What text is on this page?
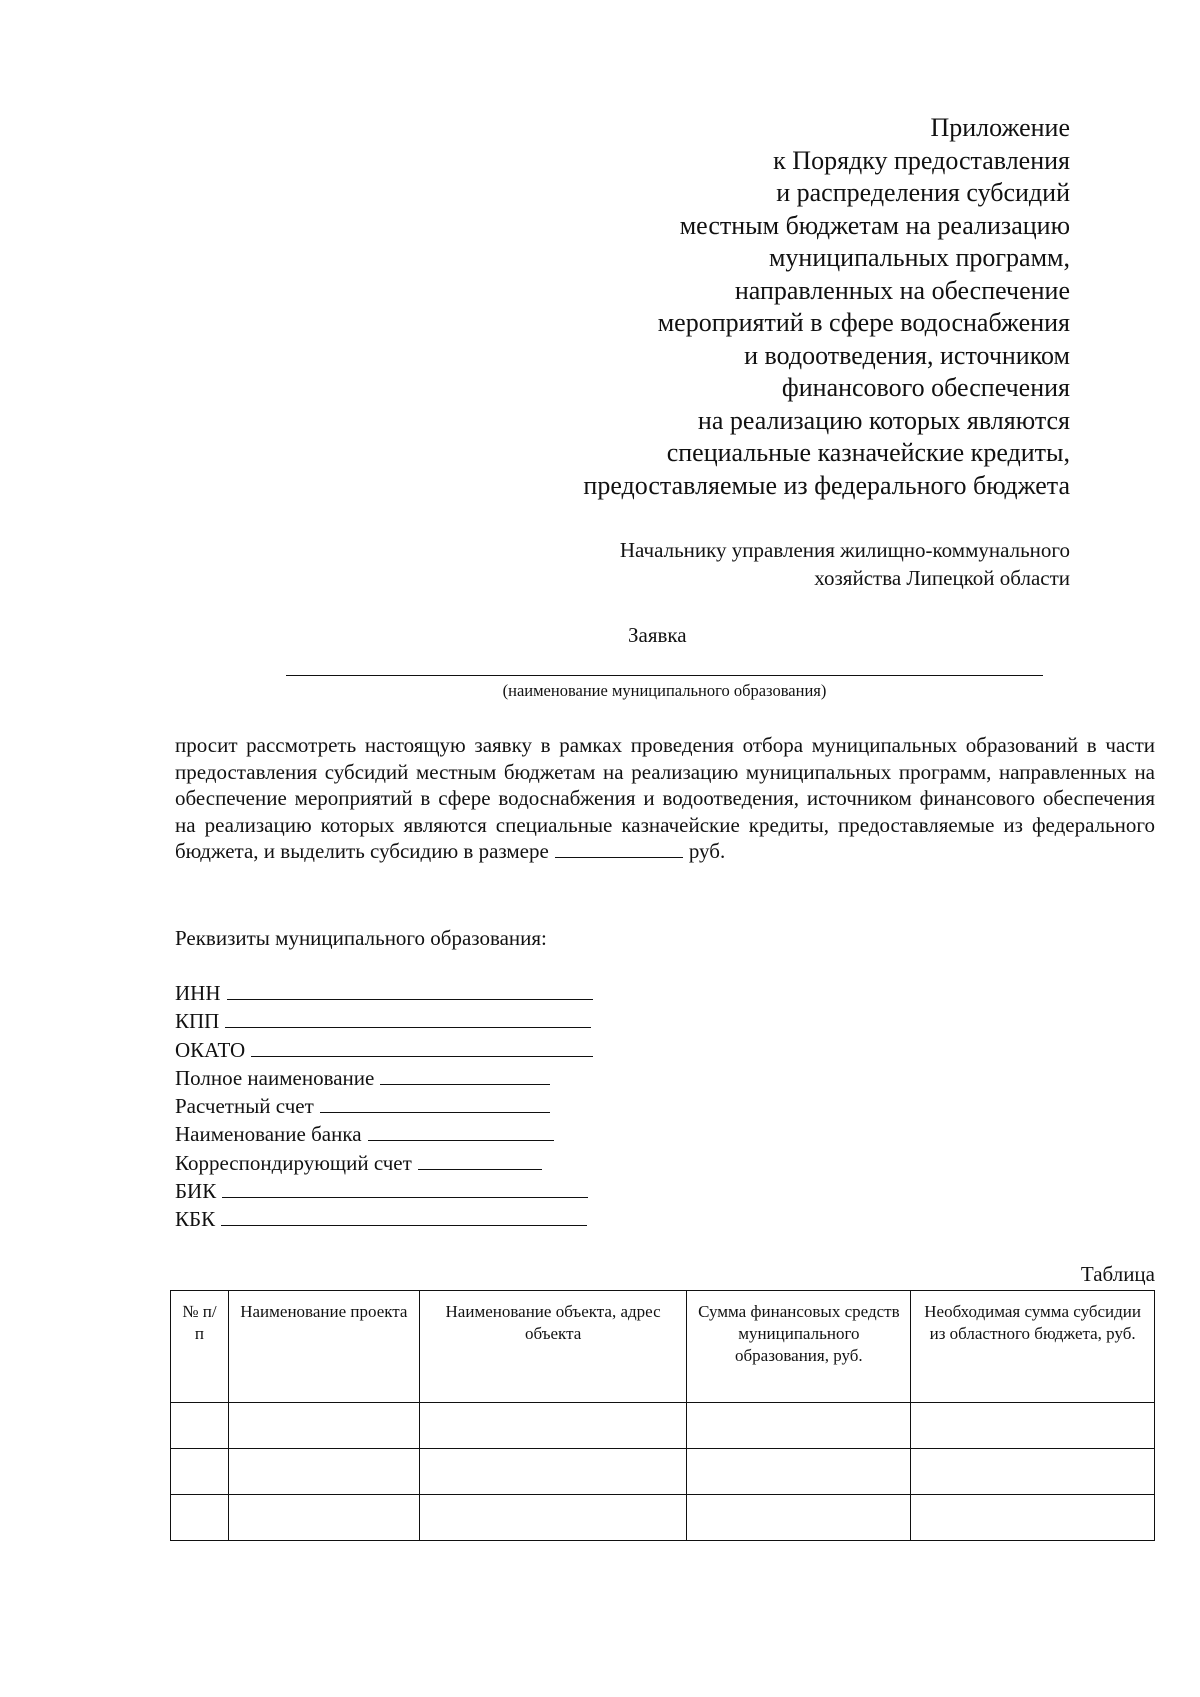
Приложение
к Порядку предоставления
и распределения субсидий
местным бюджетам на реализацию
муниципальных программ,
направленных на обеспечение
мероприятий в сфере водоснабжения
и водоотведения, источником
финансового обеспечения
на реализацию которых являются
специальные казначейские кредиты,
предоставляемые из федерального бюджета
Начальнику управления жилищно-коммунального
хозяйства Липецкой области
Заявка
(наименование муниципального образования)
просит рассмотреть настоящую заявку в рамках проведения отбора муниципальных образований в части предоставления субсидий местным бюджетам на реализацию муниципальных программ, направленных на обеспечение мероприятий в сфере водоснабжения и водоотведения, источником финансового обеспечения на реализацию которых являются специальные казначейские кредиты, предоставляемые из федерального бюджета, и выделить субсидию в размере	руб.
Реквизиты муниципального образования:
ИНН
КПП
ОКАТО
Полное наименование
Расчетный счет
Наименование банка
Корреспондирующий счет
БИК
КБК
Таблица
№ п/п	Наименование проекта	Наименование объекта, адрес объекта	Сумма финансовых средств муниципального образования, руб.	Необходимая сумма субсидии из областного бюджета, руб.
